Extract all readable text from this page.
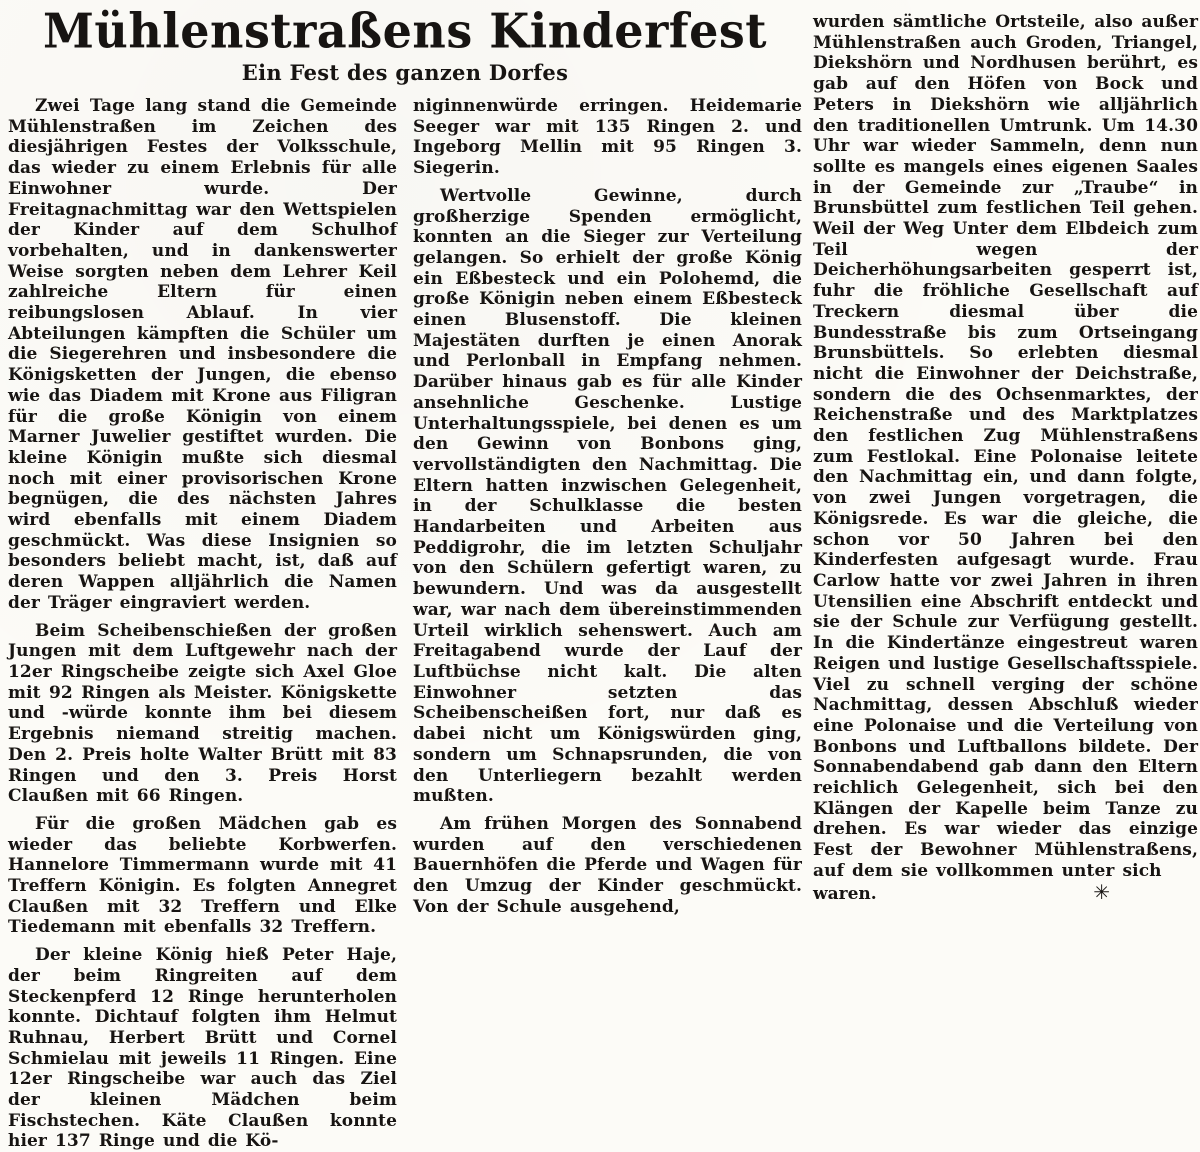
Mühlenstraßens Kinderfest
Ein Fest des ganzen Dorfes

Zwei Tage lang stand die Gemeinde Mühlenstraßen im Zeichen des diesjährigen Festes der Volksschule, das wieder zu einem Erlebnis für alle Einwohner wurde. Der Freitagnachmittag war den Wettspielen der Kinder auf dem Schulhof vorbehalten, und in dankenswerter Weise sorgten neben dem Lehrer Keil zahlreiche Eltern für einen reibungslosen Ablauf. In vier Abteilungen kämpften die Schüler um die Siegerehren und insbesondere die Königsketten der Jungen, die ebenso wie das Diadem mit Krone aus Filigran für die große Königin von einem Marner Juwelier gestiftet wurden. Die kleine Königin mußte sich diesmal noch mit einer provisorischen Krone begnügen, die des nächsten Jahres wird ebenfalls mit einem Diadem geschmückt. Was diese Insignien so besonders beliebt macht, ist, daß auf deren Wappen alljährlich die Namen der Träger eingraviert werden.

Beim Scheibenschießen der großen Jungen mit dem Luftgewehr nach der 12er Ringscheibe zeigte sich Axel Gloe mit 92 Ringen als Meister. Königskette und -würde konnte ihm bei diesem Ergebnis niemand streitig machen. Den 2. Preis holte Walter Brütt mit 83 Ringen und den 3. Preis Horst Claußen mit 66 Ringen.

Für die großen Mädchen gab es wieder das beliebte Korbwerfen. Hannelore Timmermann wurde mit 41 Treffern Königin. Es folgten Annegret Claußen mit 32 Treffern und Elke Tiedemann mit ebenfalls 32 Treffern.

Der kleine König hieß Peter Haje, der beim Ringreiten auf dem Steckenpferd 12 Ringe herunterholen konnte. Dichtauf folgten ihm Helmut Ruhnau, Herbert Brütt und Cornel Schmielau mit jeweils 11 Ringen. Eine 12er Ringscheibe war auch das Ziel der kleinen Mädchen beim Fischstechen. Käte Claußen konnte hier 137 Ringe und die Kö-

niginnenwürde erringen. Heidemarie Seeger war mit 135 Ringen 2. und Ingeborg Mellin mit 95 Ringen 3. Siegerin.

Wertvolle Gewinne, durch großherzige Spenden ermöglicht, konnten an die Sieger zur Verteilung gelangen. So erhielt der große König ein Eßbesteck und ein Polohemd, die große Königin neben einem Eßbesteck einen Blusenstoff. Die kleinen Majestäten durften je einen Anorak und Perlonball in Empfang nehmen. Darüber hinaus gab es für alle Kinder ansehnliche Geschenke. Lustige Unterhaltungsspiele, bei denen es um den Gewinn von Bonbons ging, vervollständigten den Nachmittag. Die Eltern hatten inzwischen Gelegenheit, in der Schulklasse die besten Handarbeiten und Arbeiten aus Peddigrohr, die im letzten Schuljahr von den Schülern gefertigt waren, zu bewundern. Und was da ausgestellt war, war nach dem übereinstimmenden Urteil wirklich sehenswert. Auch am Freitagabend wurde der Lauf der Luftbüchse nicht kalt. Die alten Einwohner setzten das Scheibenscheißen fort, nur daß es dabei nicht um Königswürden ging, sondern um Schnapsrunden, die von den Unterliegern bezahlt werden mußten.

Am frühen Morgen des Sonnabend wurden auf den verschiedenen Bauernhöfen die Pferde und Wagen für den Umzug der Kinder geschmückt. Von der Schule ausgehend,

wurden sämtliche Ortsteile, also außer Mühlenstraßen auch Groden, Triangel, Diekshörn und Nordhusen berührt, es gab auf den Höfen von Bock und Peters in Diekshörn wie alljährlich den traditionellen Umtrunk. Um 14.30 Uhr war wieder Sammeln, denn nun sollte es mangels eines eigenen Saales in der Gemeinde zur „Traube“ in Brunsbüttel zum festlichen Teil gehen. Weil der Weg Unter dem Elbdeich zum Teil wegen der Deicherhöhungsarbeiten gesperrt ist, fuhr die fröhliche Gesellschaft auf Treckern diesmal über die Bundesstraße bis zum Ortseingang Brunsbüttels. So erlebten diesmal nicht die Einwohner der Deichstraße, sondern die des Ochsenmarktes, der Reichenstraße und des Marktplatzes den festlichen Zug Mühlenstraßens zum Festlokal. Eine Polonaise leitete den Nachmittag ein, und dann folgte, von zwei Jungen vorgetragen, die Königsrede. Es war die gleiche, die schon vor 50 Jahren bei den Kinderfesten aufgesagt wurde. Frau Carlow hatte vor zwei Jahren in ihren Utensilien eine Abschrift entdeckt und sie der Schule zur Verfügung gestellt. In die Kindertänze eingestreut waren Reigen und lustige Gesellschaftsspiele. Viel zu schnell verging der schöne Nachmittag, dessen Abschluß wieder eine Polonaise und die Verteilung von Bonbons und Luftballons bildete. Der Sonnabendabend gab dann den Eltern reichlich Gelegenheit, sich bei den Klängen der Kapelle beim Tanze zu drehen. Es war wieder das einzige Fest der Bewohner Mühlenstraßens, auf dem sie vollkommen unter sich

waren.	✳
